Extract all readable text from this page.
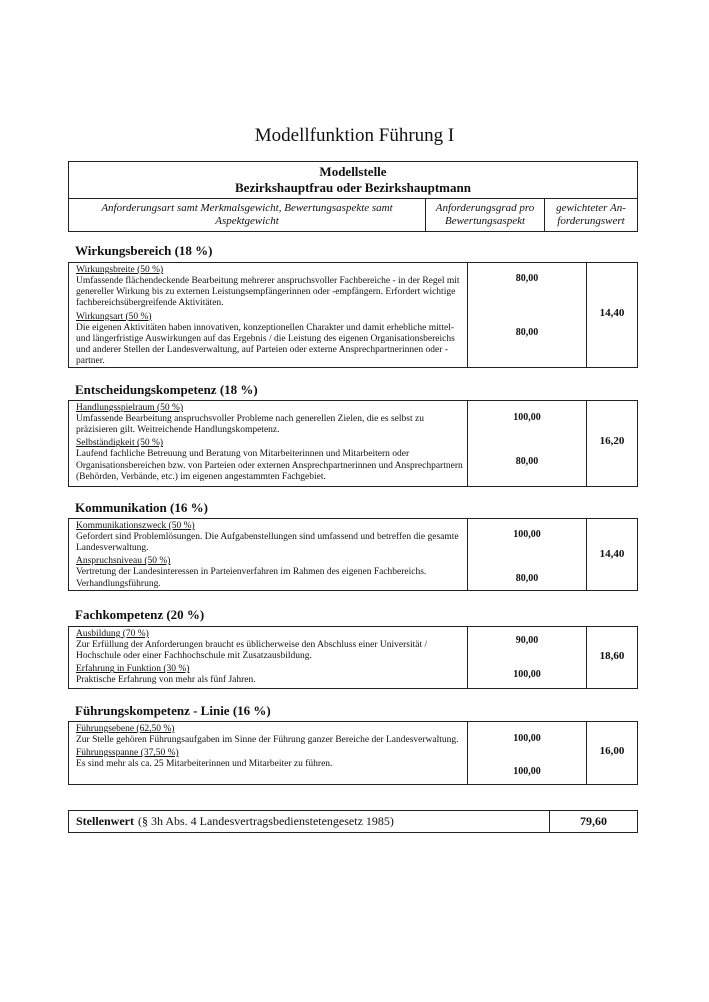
Modellfunktion Führung I
Modellstelle
Bezirkshauptfrau oder Bezirkshauptmann
Anforderungsart samt Merkmalsgewicht, Bewertungsaspekte samt Aspektgewicht
Anforderungsgrad pro Bewertungsaspekt
gewichteter An- forderungswert
Wirkungsbereich (18 %)
Wirkungsbreite (50 %)
Umfassende flächendeckende Bearbeitung mehrerer anspruchsvoller Fachbereiche - in der Regel mit genereller Wirkung bis zu externen Leistungsempfängerinnen oder -empfängern. Erfordert wichtige fachbereichsübergreifende Aktivitäten.
Wirkungsart (50 %)
Die eigenen Aktivitäten haben innovativen, konzeptionellen Charakter und damit erhebliche mittel- und längerfristige Auswirkungen auf das Ergebnis / die Leistung des eigenen Organisationsbereichs und anderer Stellen der Landesverwaltung, auf Parteien oder externe Ansprechpartnerinnen oder -partner.
80,00
80,00
14,40
Entscheidungskompetenz (18 %)
Handlungsspielraum (50 %)
Umfassende Bearbeitung anspruchsvoller Probleme nach generellen Zielen, die es selbst zu präzisieren gilt. Weitreichende Handlungskompetenz.
Selbständigkeit (50 %)
Laufend fachliche Betreuung und Beratung von Mitarbeiterinnen und Mitarbeitern oder Organisationsbereichen bzw. von Parteien oder externen Ansprechpartnerinnen und Ansprechpartnern (Behörden, Verbände, etc.) im eigenen angestammten Fachgebiet.
100,00
80,00
16,20
Kommunikation (16 %)
Kommunikationszweck (50 %)
Gefordert sind Problemlösungen. Die Aufgabenstellungen sind umfassend und betreffen die gesamte Landesverwaltung.
Anspruchsniveau (50 %)
Vertretung der Landesinteressen in Parteienverfahren im Rahmen des eigenen Fachbereichs. Verhandlungsführung.
100,00
80,00
14,40
Fachkompetenz (20 %)
Ausbildung (70 %)
Zur Erfüllung der Anforderungen braucht es üblicherweise den Abschluss einer Universität / Hochschule oder einer Fachhochschule mit Zusatzausbildung.
Erfahrung in Funktion (30 %)
Praktische Erfahrung von mehr als fünf Jahren.
90,00
100,00
18,60
Führungskompetenz - Linie (16 %)
Führungsebene (62,50 %)
Zur Stelle gehören Führungsaufgaben im Sinne der Führung ganzer Bereiche der Landesverwaltung.
Führungsspanne (37,50 %)
Es sind mehr als ca. 25 Mitarbeiterinnen und Mitarbeiter zu führen.
100,00
100,00
16,00
Stellenwert (§ 3h Abs. 4 Landesvertragsbedienstetengesetz 1985)	79,60
